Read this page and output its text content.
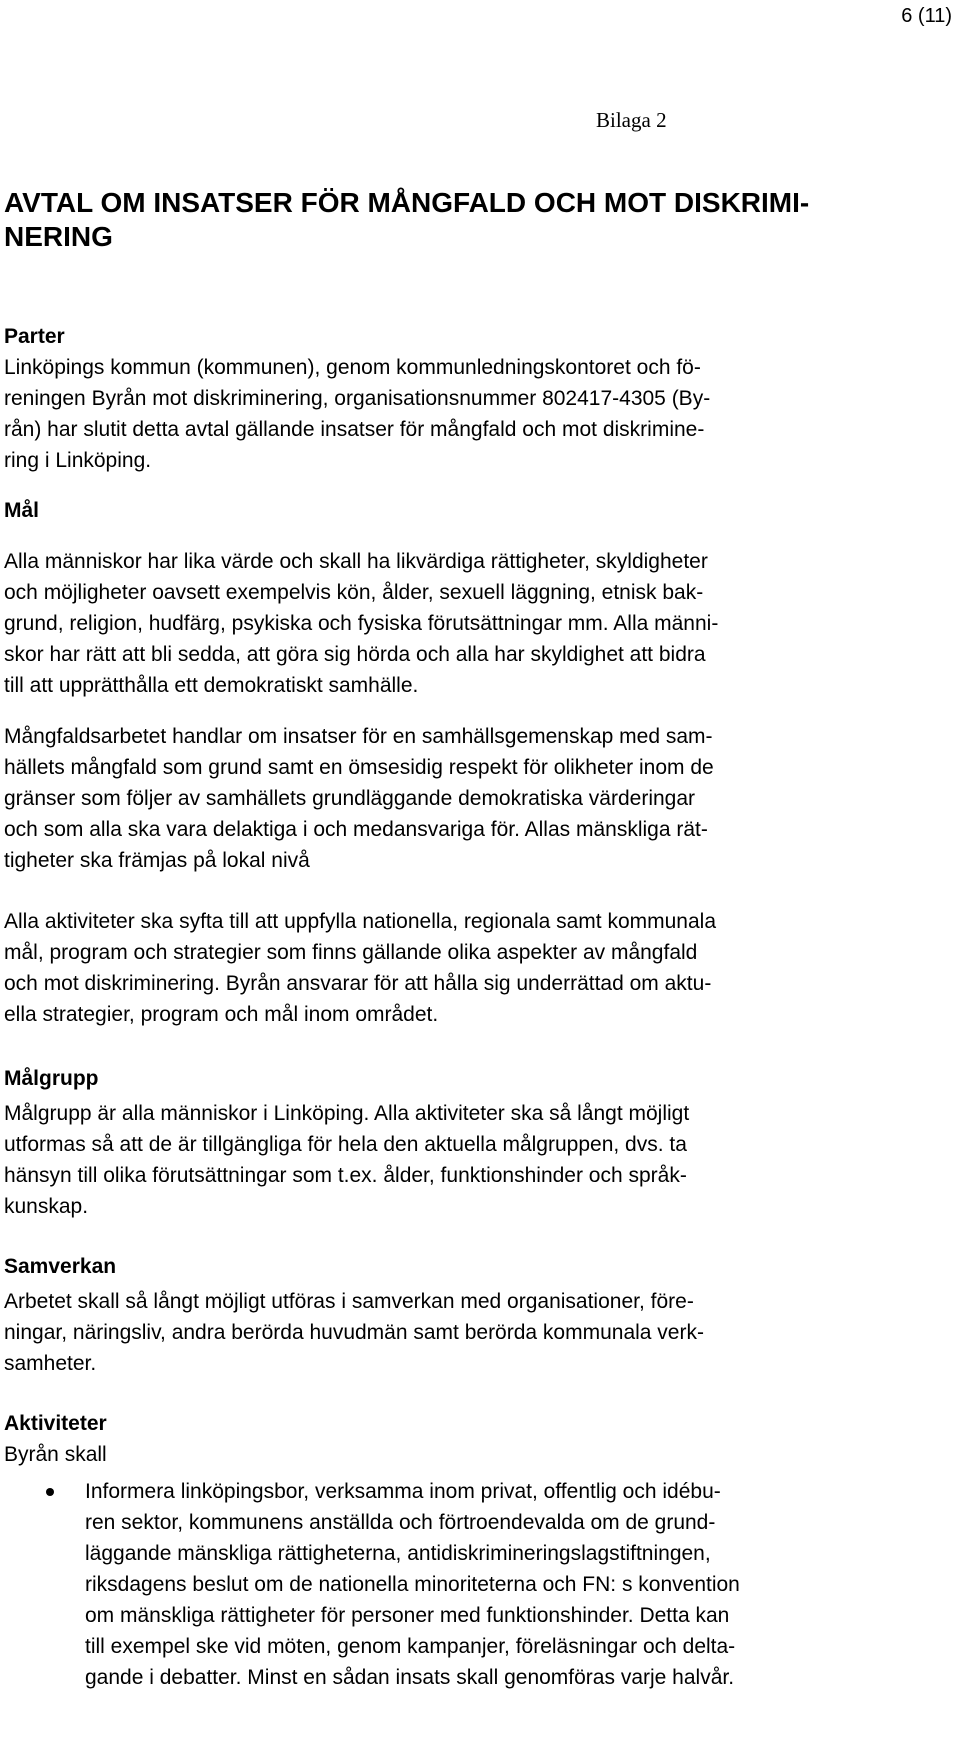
6 (11)
Bilaga 2
AVTAL OM INSATSER FÖR MÅNGFALD OCH MOT DISKRIMI-
NERING
Parter

Linköpings kommun (kommunen), genom kommunledningskontoret och fö-
reningen Byrån mot diskriminering, organisationsnummer 802417-4305 (By-
rån) har slutit detta avtal gällande insatser för mångfald och mot diskrimine-
ring i Linköping.

Mål

Alla människor har lika värde och skall ha likvärdiga rättigheter, skyldigheter
och möjligheter oavsett exempelvis kön, ålder, sexuell läggning, etnisk bak-
grund, religion, hudfärg, psykiska och fysiska förutsättningar mm. Alla männi-
skor har rätt att bli sedda, att göra sig hörda och alla har skyldighet att bidra
till att upprätthålla ett demokratiskt samhälle.

Mångfaldsarbetet handlar om insatser för en samhällsgemenskap med sam-
hällets mångfald som grund samt en ömsesidig respekt för olikheter inom de
gränser som följer av samhällets grundläggande demokratiska värderingar
och som alla ska vara delaktiga i och medansvariga för. Allas mänskliga rät-
tigheter ska främjas på lokal nivå

Alla aktiviteter ska syfta till att uppfylla nationella, regionala samt kommunala
mål, program och strategier som finns gällande olika aspekter av mångfald
och mot diskriminering. Byrån ansvarar för att hålla sig underrättad om aktu-
ella strategier, program och mål inom området.

Målgrupp

Målgrupp är alla människor i Linköping. Alla aktiviteter ska så långt möjligt
utformas så att de är tillgängliga för hela den aktuella målgruppen, dvs. ta
hänsyn till olika förutsättningar som t.ex. ålder, funktionshinder och språk-
kunskap.

Samverkan

Arbetet skall så långt möjligt utföras i samverkan med organisationer, före-
ningar, näringsliv, andra berörda huvudmän samt berörda kommunala verk-
samheter.

Aktiviteter

Byrån skall

Informera linköpingsbor, verksamma inom privat, offentlig och idébu-
ren sektor, kommunens anställda och förtroendevalda om de grund-
läggande mänskliga rättigheterna, antidiskrimineringslagstiftningen,
riksdagens beslut om de nationella minoriteterna och FN: s konvention
om mänskliga rättigheter för personer med funktionshinder. Detta kan
till exempel ske vid möten, genom kampanjer, föreläsningar och delta-
gande i debatter. Minst en sådan insats skall genomföras varje halvår.
